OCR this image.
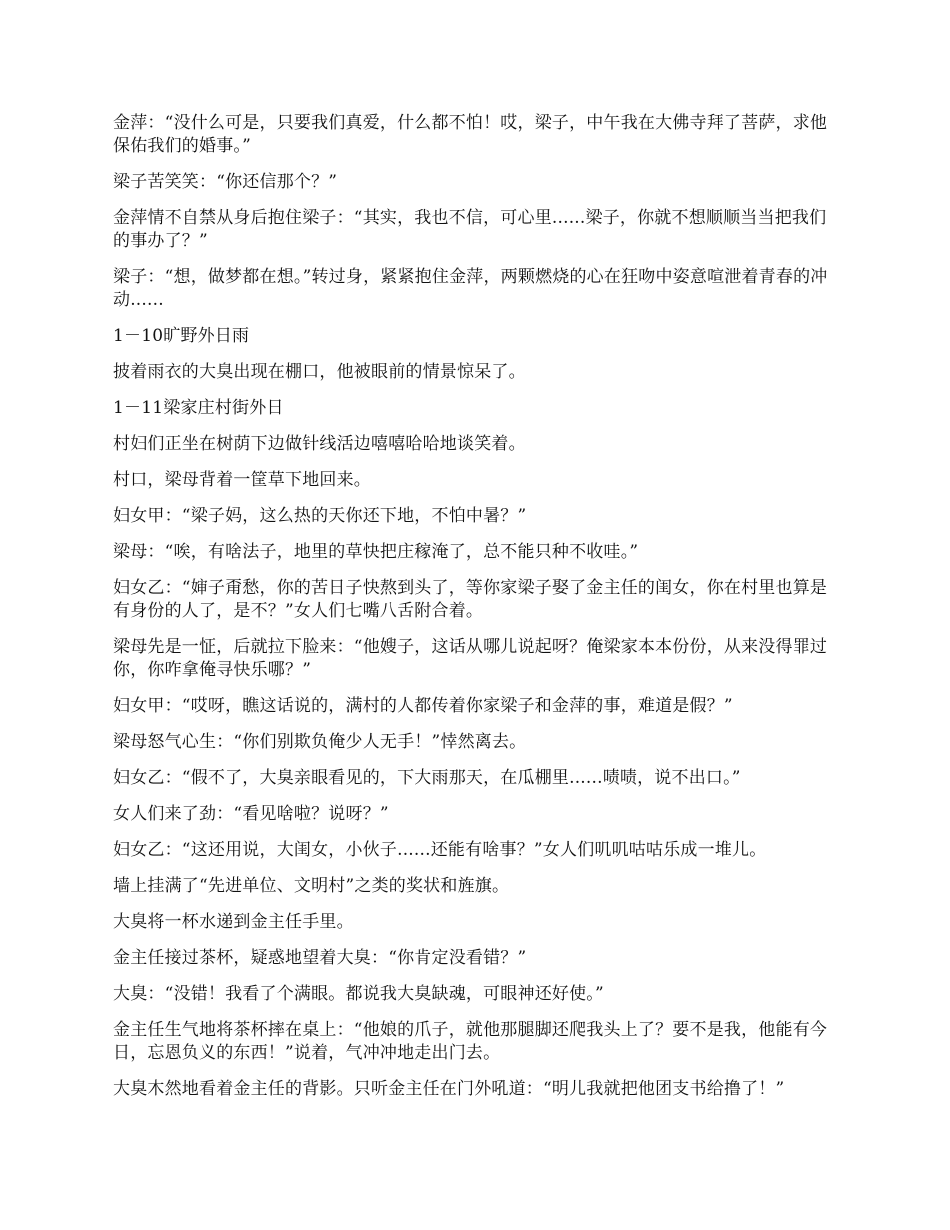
金萍：“没什么可是，只要我们真爱，什么都不怕！哎，梁子，中午我在大佛寺拜了菩萨，求他保佑我们的婚事。”

梁子苦笑笑：“你还信那个？”

金萍情不自禁从身后抱住梁子：“其实，我也不信，可心里......梁子，你就不想顺顺当当把我们的事办了？”

梁子：“想，做梦都在想。”转过身，紧紧抱住金萍，两颗燃烧的心在狂吻中姿意喧泄着青春的冲动......

1－10旷野外日雨

披着雨衣的大臭出现在棚口，他被眼前的情景惊呆了。

1－11梁家庄村街外日

村妇们正坐在树荫下边做针线活边嘻嘻哈哈地谈笑着。

村口，梁母背着一筐草下地回来。

妇女甲：“梁子妈，这么热的天你还下地，不怕中暑？”

梁母：“唉，有啥法子，地里的草快把庄稼淹了，总不能只种不收哇。”

妇女乙：“婶子甭愁，你的苦日子快熬到头了，等你家梁子娶了金主任的闺女，你在村里也算是有身份的人了，是不？”女人们七嘴八舌附合着。

梁母先是一怔，后就拉下脸来：“他嫂子，这话从哪儿说起呀？俺梁家本本份份，从来没得罪过你，你咋拿俺寻快乐哪？”

妇女甲：“哎呀，瞧这话说的，满村的人都传着你家梁子和金萍的事，难道是假？”

梁母怒气心生：“你们别欺负俺少人无手！”悻然离去。

妇女乙：“假不了，大臭亲眼看见的，下大雨那天，在瓜棚里......啧啧，说不出口。”

女人们来了劲：“看见啥啦？说呀？”

妇女乙：“这还用说，大闺女，小伙子......还能有啥事？”女人们叽叽咕咕乐成一堆儿。

墙上挂满了“先进单位、文明村”之类的奖状和旌旗。

大臭将一杯水递到金主任手里。

金主任接过茶杯，疑惑地望着大臭：“你肯定没看错？”

大臭：“没错！我看了个满眼。都说我大臭缺魂，可眼神还好使。”

金主任生气地将茶杯摔在桌上：“他娘的爪子，就他那腿脚还爬我头上了？要不是我，他能有今日，忘恩负义的东西！”说着，气冲冲地走出门去。

大臭木然地看着金主任的背影。只听金主任在门外吼道：“明儿我就把他团支书给撸了！”
